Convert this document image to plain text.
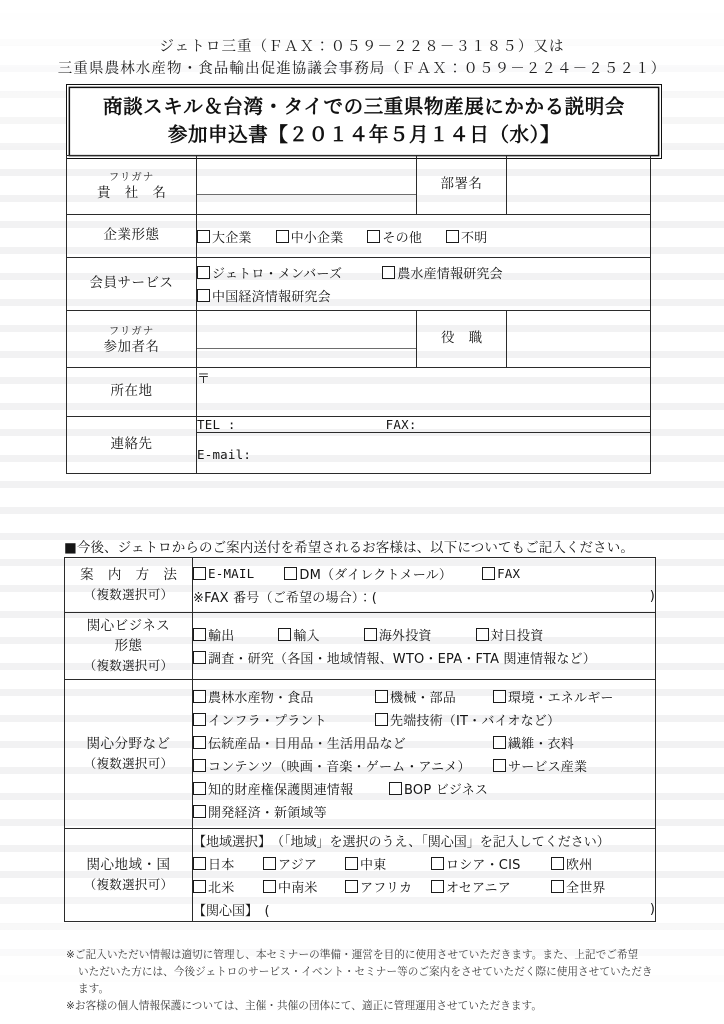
ジェトロ三重（ＦＡＸ：０５９－２２８－３１８５）又は
三重県農林水産物・食品輸出促進協議会事務局（ＦＡＸ：０５９－２２４－２５２１）
商談スキル＆台湾・タイでの三重県物産展にかかる説明会
参加申込書【２０１４年５月１４日（水）】
フリガナ
貴 社 名		部署名	
企業形態	大企業 中小企業 その他 不明		

会員サービス	ジェトロ・メンバーズ 農水産情報研究会
中国経済情報研究会		

フリガナ
参加者名		役 職	
所在地	〒		
連絡先	TEL : FAX:		

	E-mail:		
■今後、ジェトロからのご案内送付を希望されるお客様は、以下についてもご記入ください。
案 内 方 法
（複数選択可）

E-MAIL	DM（ダイレクトメール）	FAX
※FAX 番号（ご希望の場合）：(	)

関心ビジネス
形態
（複数選択可）

輸出	輸入	海外投資	対日投資
調査・研究（各国・地域情報、WTO・EPA・FTA 関連情報など）

関心分野など
（複数選択可）

農林水産物・食品	機械・部品	環境・エネルギー
インフラ・プラント	先端技術（IT・バイオなど）
伝統産品・日用品・生活用品など	繊維・衣料
コンテンツ（映画・音楽・ゲーム・アニメ）	サービス産業
知的財産権保護関連情報	BOP ビジネス
開発経済・新領域等

関心地域・国
（複数選択可）

【地域選択】　（「地域」を選択のうえ、「関心国」を記入してください）
日本	アジア	中東	ロシア・CIS	欧州
北米	中南米	アフリカ	オセアニア	全世界
【関心国】　(	)

※ご記入いただい情報は適切に管理し、本セミナーの準備・運営を目的に使用させていただきます。また、上記でご希望

いただいた方には、今後ジェトロのサービス・イベント・セミナー等のご案内をさせていただく際に使用させていただき

ます。

※お客様の個人情報保護については、主催・共催の団体にて、適正に管理運用させていただきます。
